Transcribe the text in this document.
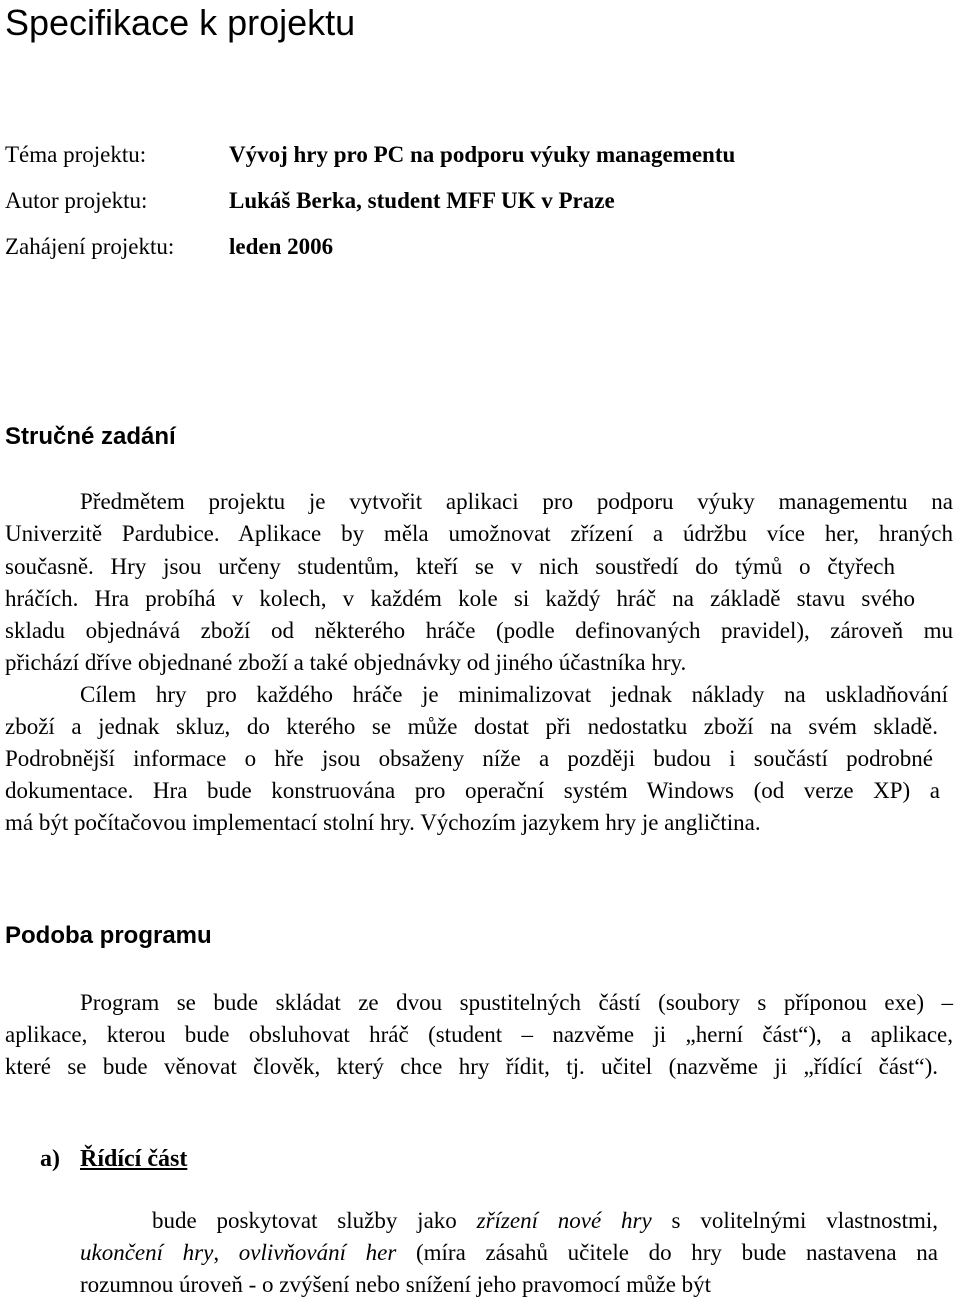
Specifikace k projektu
Téma projektu:	Vývoj hry pro PC na podporu výuky managementu
Autor projektu:	Lukáš Berka, student MFF UK v Praze
Zahájení projektu: leden 2006
Stručné zadání
Předmětem projektu je vytvořit aplikaci pro podporu výuky managementu na
Univerzitě Pardubice. Aplikace by měla umožnovat zřízení a údržbu více her, hraných
současně. Hry jsou určeny studentům, kteří se v nich soustředí do týmů o čtyřech
hráčích. Hra probíhá v kolech, v každém kole si každý hráč na základě stavu svého
skladu objednává zboží od některého hráče (podle definovaných pravidel), zároveň mu
přichází dříve objednané zboží a také objednávky od jiného účastníka hry.
Cílem hry pro každého hráče je minimalizovat jednak náklady na uskladňování
zboží a jednak skluz, do kterého se může dostat při nedostatku zboží na svém skladě.
Podrobnější informace o hře jsou obsaženy níže a později budou i součástí podrobné
dokumentace. Hra bude konstruována pro operační systém Windows (od verze XP) a
má být počítačovou implementací stolní hry. Výchozím jazykem hry je angličtina.
Podoba programu
Program se bude skládat ze dvou spustitelných částí (soubory s příponou exe) –
aplikace, kterou bude obsluhovat hráč (student – nazvěme ji „herní část“), a aplikace,
které se bude věnovat člověk, který chce hry řídit, tj. učitel (nazvěme ji „řídící část“).
a) Řídící část
bude poskytovat služby jako zřízení nové hry s volitelnými vlastnostmi,
ukončení hry, ovlivňování her (míra zásahů učitele do hry bude nastavena na
rozumnou úroveň - o zvýšení nebo snížení jeho pravomocí může být
